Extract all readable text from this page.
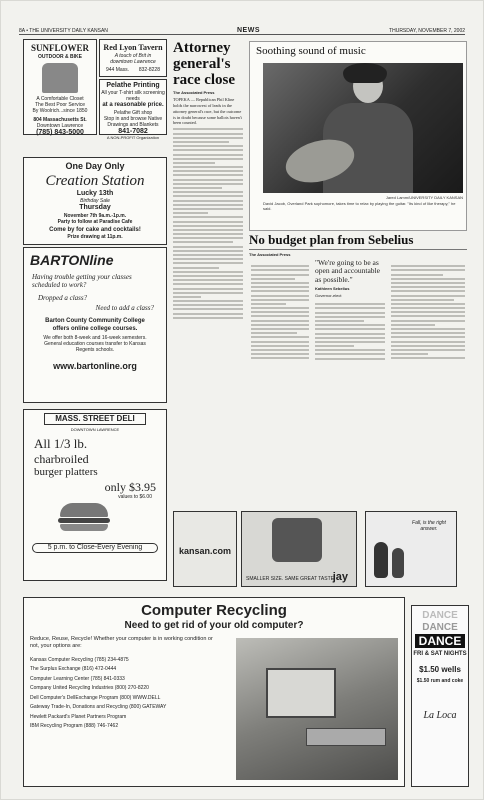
8A • THE UNIVERSITY DAILY KANSAN	NEWS	THURSDAY, NOVEMBER 7, 2002
SUNFLOWER
OUTDOOR & BIKE
A Comfortable Closet
The Best Poor Service
By Woolrich...since 1850
804 Massachusetts St.
Downtown Lawrence
(785) 843-5000
Red Lyon Tavern
A touch of Brit in downtown Lawrence
944 Mass. 832-8228
Pelathe Printing
All your T-shirt silk screening needs
at a reasonable price.
Pelathe Gift shop
Stop in and browse Native Drawings and Blankets
841-7082
A NON-PROFIT Organization
One Day Only
Creation Station
Lucky 13th
Birthday Sale
Thursday
November 7th 9a.m.-1p.m.
Party to follow at Paradise Cafe
Come by for cake and cocktails!
Prize drawing at 11p.m.
BARTONline
Having trouble getting your classes scheduled to work?
Dropped a class?
Need to add a class?
Barton County Community College
offers online college courses.
We offer both 8-week and 16-week semesters. General education courses transfer to Kansas Regents schools.
www.bartonline.org
MASS. STREET DELI
DOWNTOWN LAWRENCE
All 1/3 lb.
charbroiled
burger platters
only $3.95
values to $6.00
5 p.m. to Close-Every Evening
Attorney general's race close
The Associated Press
TOPEKA — Republican Phil Kline holds the narrowest of leads in the attorney general's race, but the outcome is in doubt because some ballots haven't been counted.
Soothing sound of music
Jared Lamm/UNIVERSITY DAILY KANSAN
David Jacob, Overland Park sophomore, takes time to relax by playing the guitar. "Its kind of like therapy," he said.
No budget plan from Sebelius
The Associated Press
"We're going to be as open and accountable as possible."
Kathleen Sebelius
Governor-elect
kansan.com
SMALLER SIZE. SAME GREAT TASTE.
jay
Fall, is the right answer.
Computer Recycling
Need to get rid of your old computer?
Reduce, Reuse, Recycle! Whether your computer is in working condition or not, your options are:
Kansas Computer Recycling (785) 234-4875
The Surplus Exchange (816) 472-0444
Computer Learning Center (785) 841-0333
Company United Recycling Industries (800) 270-8220
Dell Computer's DellExchange Program (800) WWW.DELL
Gateway Trade-In, Donations and Recycling (800) GATEWAY
Hewlett Packard's Planet Partners Program
IBM Recycling Program (888) 746-7462
DANCE
DANCE
DANCE
FRI & SAT NIGHTS
$1.50 wells
$1.50 rum and coke
La Loca
